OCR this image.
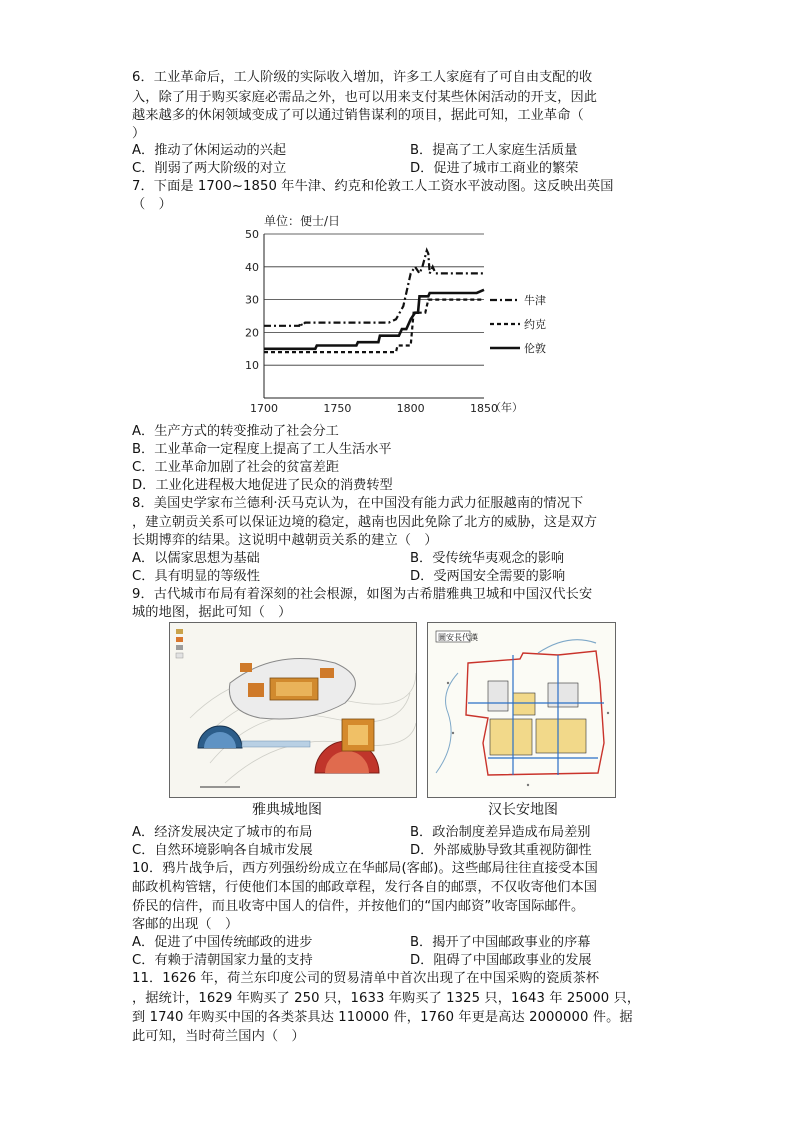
6．工业革命后，工人阶级的实际收入增加，许多工人家庭有了可自由支配的收
入，除了用于购买家庭必需品之外，也可以用来支付某些休闲活动的开支，因此
越来越多的休闲领域变成了可以通过销售谋利的项目，据此可知，工业革命（
）
A．推动了休闲运动的兴起	B．提高了工人家庭生活质量
C．削弱了两大阶级的对立	D．促进了城市工商业的繁荣
7．下面是 1700~1850 年牛津、约克和伦敦工人工资水平波动图。这反映出英国
（　）
牛津
约克
伦敦
10
20
30
40
50
1700	1750	1800	1850
单位：便士/日
（年）
A．生产方式的转变推动了社会分工
B．工业革命一定程度上提高了工人生活水平
C．工业革命加剧了社会的贫富差距
D．工业化进程极大地促进了民众的消费转型
8．美国史学家布兰德利·沃马克认为，在中国没有能力武力征服越南的情况下
，建立朝贡关系可以保证边境的稳定，越南也因此免除了北方的威胁，这是双方
长期博弈的结果。这说明中越朝贡关系的建立（　）
A．以儒家思想为基础	B．受传统华夷观念的影响
C．具有明显的等级性	D．受两国安全需要的影响
9．古代城市布局有着深刻的社会根源，如图为古希腊雅典卫城和中国汉代长安
城的地图，据此可知（　）
圖安長代漢
雅典城地图	汉长安地图
A．经济发展决定了城市的布局	B．政治制度差异造成布局差别
C．自然环境影响各自城市发展	D．外部威胁导致其重视防御性
10．鸦片战争后，西方列强纷纷成立在华邮局(客邮)。这些邮局往往直接受本国
邮政机构管辖，行使他们本国的邮政章程，发行各自的邮票，不仅收寄他们本国
侨民的信件，而且收寄中国人的信件，并按他们的“国内邮资”收寄国际邮件。
客邮的出现（　）
A．促进了中国传统邮政的进步	B．揭开了中国邮政事业的序幕
C．有赖于清朝国家力量的支持	D．阻碍了中国邮政事业的发展
11．1626 年，荷兰东印度公司的贸易清单中首次出现了在中国采购的瓷质茶杯
，据统计，1629 年购买了 250 只，1633 年购买了 1325 只，1643 年 25000 只，
到 1740 年购买中国的各类茶具达 110000 件，1760 年更是高达 2000000 件。据
此可知，当时荷兰国内（　）
